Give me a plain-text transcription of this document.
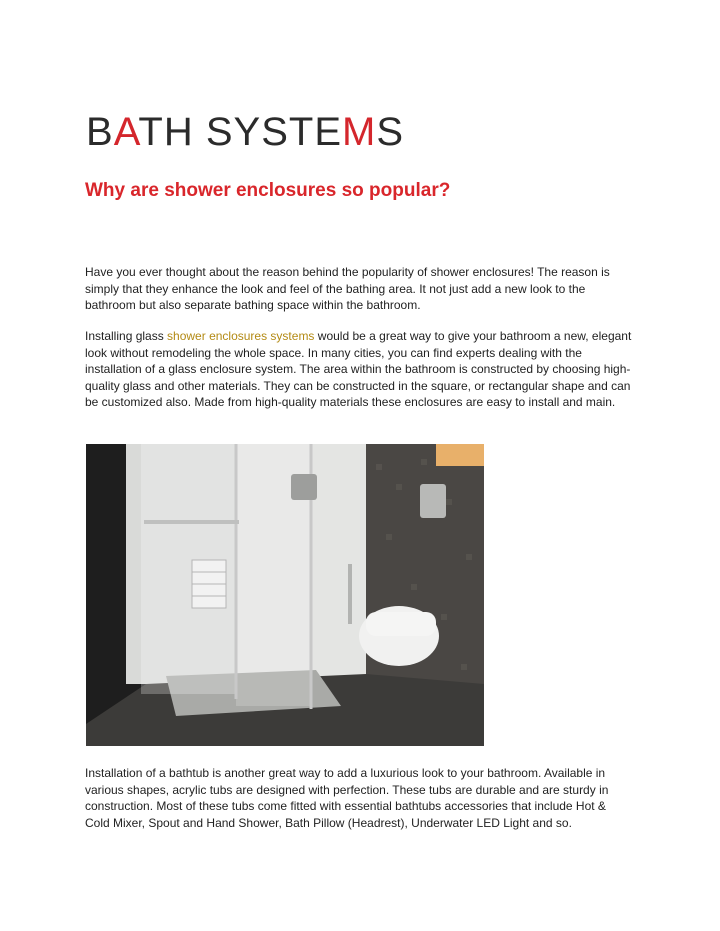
BATH SYSTEMS
Why are shower enclosures so popular?

Have you ever thought about the reason behind the popularity of shower enclosures! The reason is simply that they enhance the look and feel of the bathing area. It not just add a new look to the bathroom but also separate bathing space within the bathroom.

Installing glass shower enclosures systems would be a great way to give your bathroom a new, elegant look without remodeling the whole space. In many cities, you can find experts dealing with the installation of a glass enclosure system. The area within the bathroom is constructed by choosing high-quality glass and other materials. They can be constructed in the square, or rectangular shape and can be customized also. Made from high-quality materials these enclosures are easy to install and main.

Installation of a bathtub is another great way to add a luxurious look to your bathroom. Available in various shapes, acrylic tubs are designed with perfection. These tubs are durable and are sturdy in construction. Most of these tubs come fitted with essential bathtubs accessories that include Hot & Cold Mixer, Spout and Hand Shower, Bath Pillow (Headrest), Underwater LED Light and so.
